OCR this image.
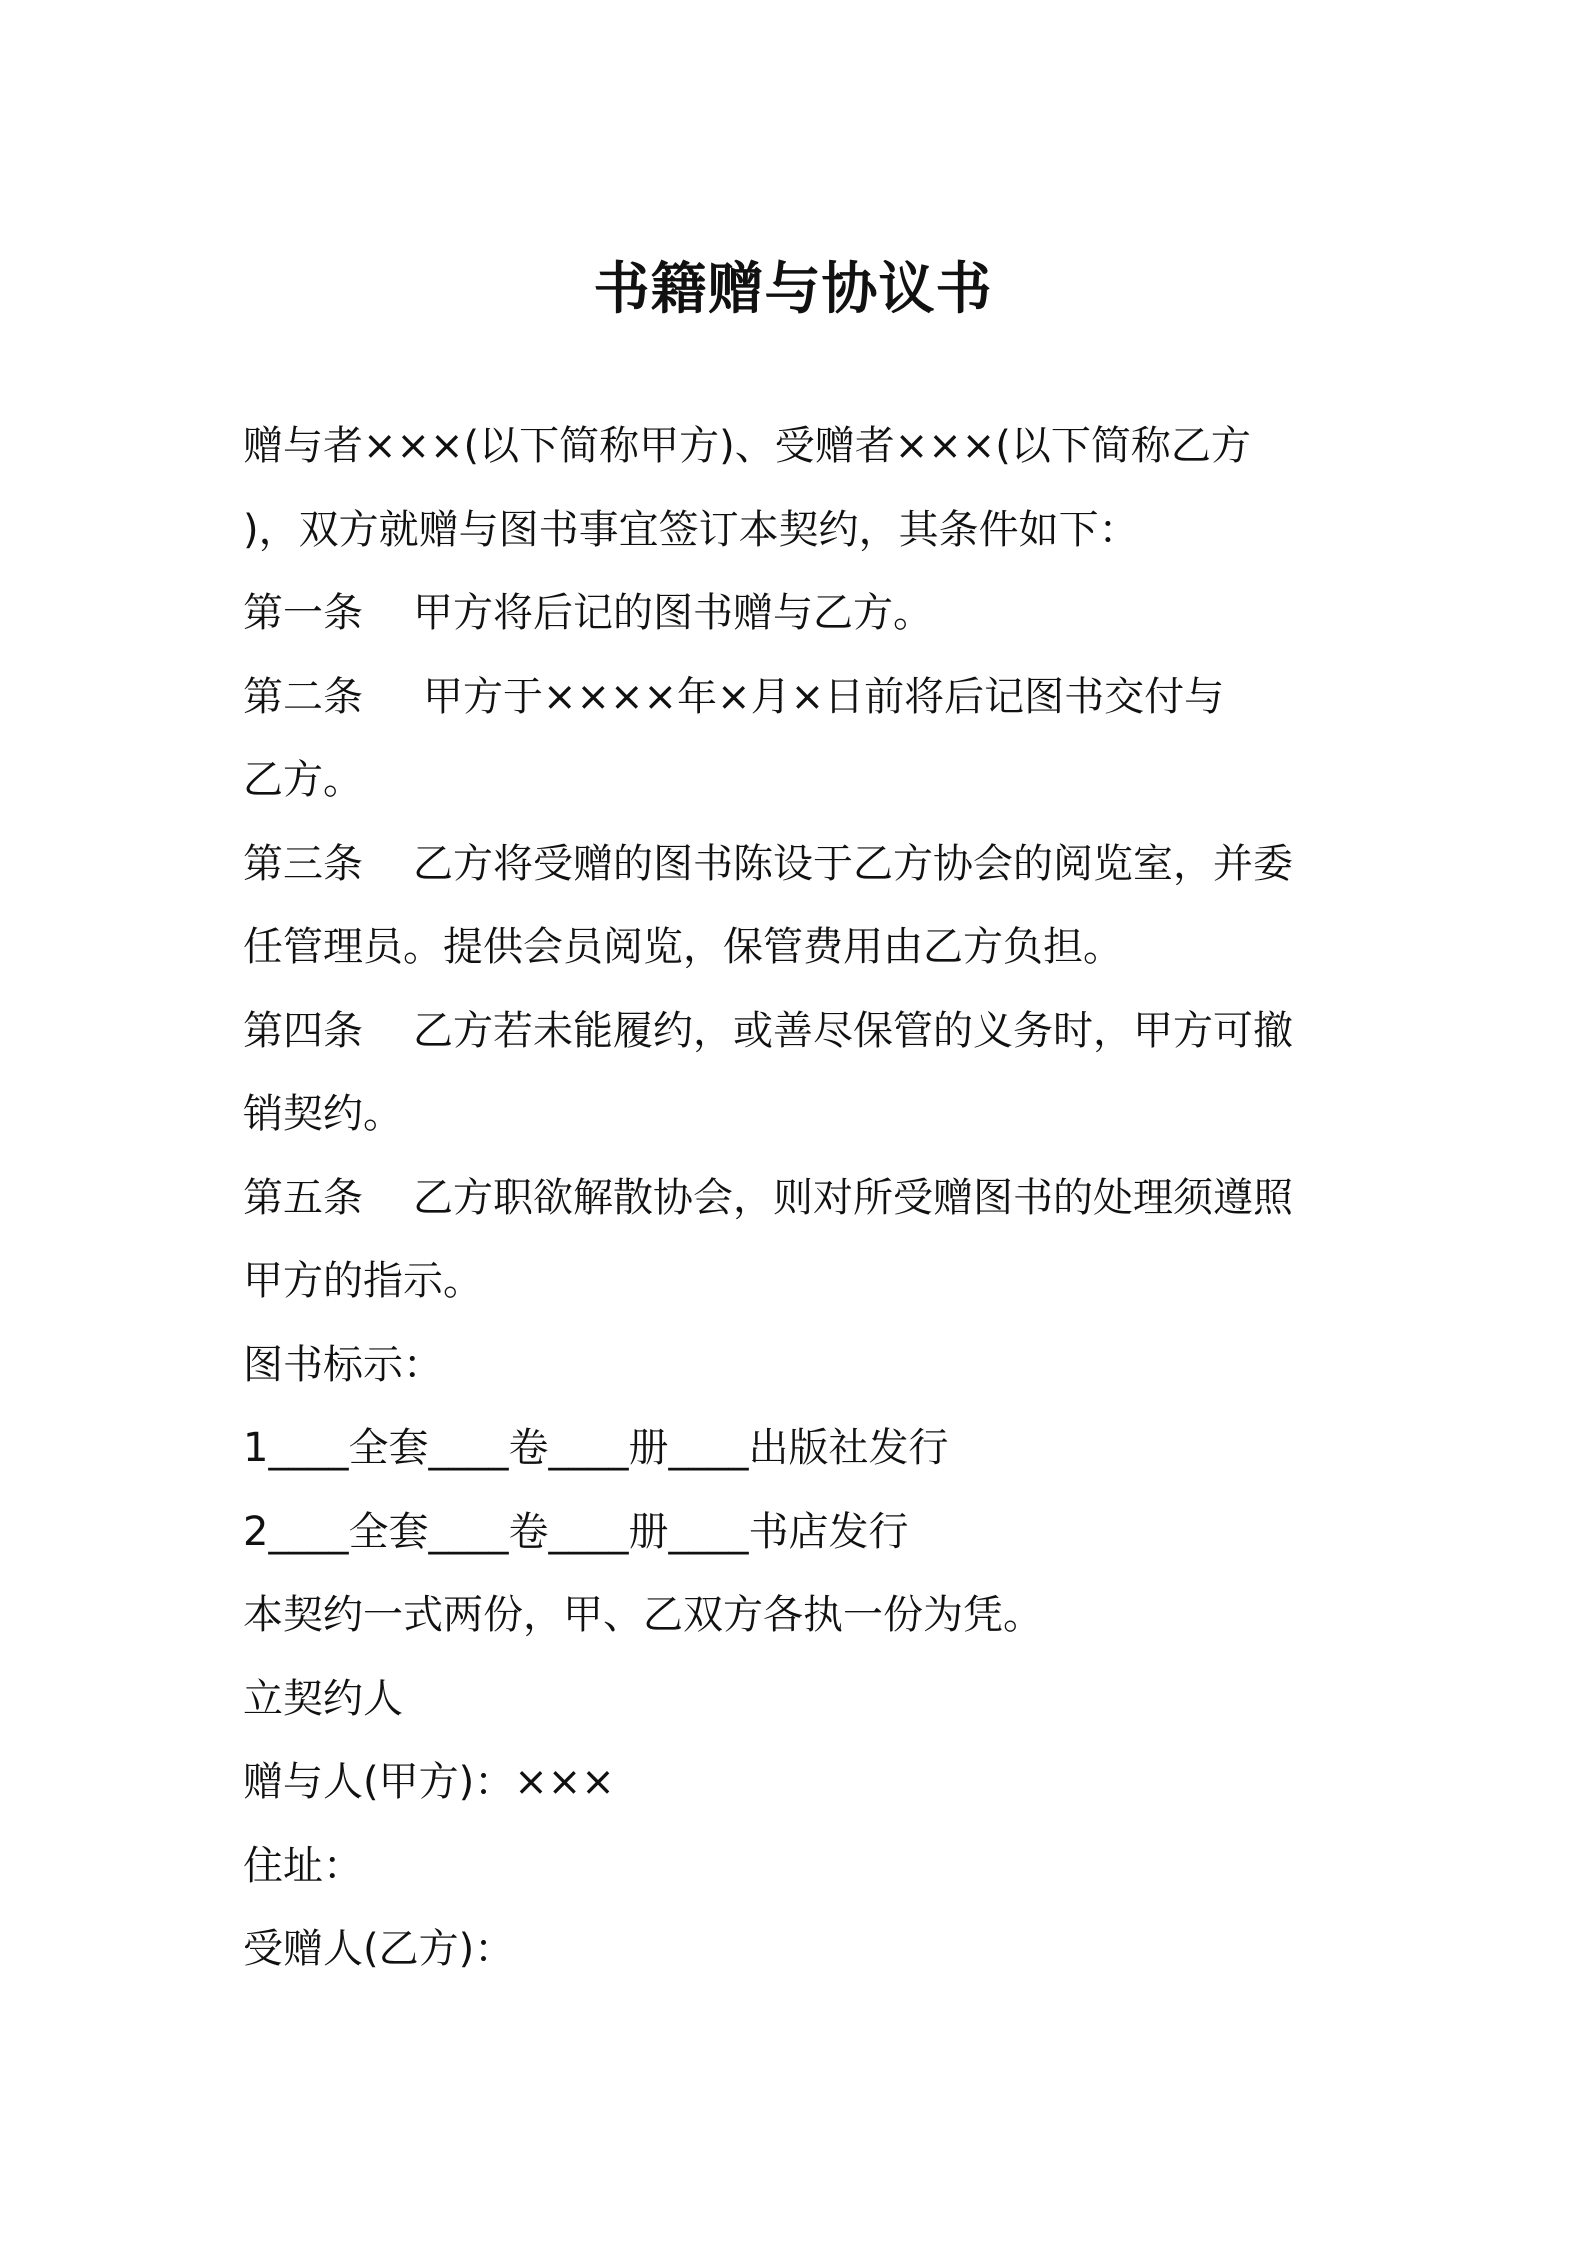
书籍赠与协议书
赠与者×××(以下简称甲方)、受赠者×××(以下简称乙方
)，双方就赠与图书事宜签订本契约，其条件如下：
第一条 甲方将后记的图书赠与乙方。
第二条 甲方于××××年×月×日前将后记图书交付与
乙方。
第三条 乙方将受赠的图书陈设于乙方协会的阅览室，并委
任管理员。提供会员阅览，保管费用由乙方负担。
第四条 乙方若未能履约，或善尽保管的义务时，甲方可撤
销契约。
第五条 乙方职欲解散协会，则对所受赠图书的处理须遵照
甲方的指示。
图书标示：
1____全套____卷____册____出版社发行
2____全套____卷____册____书店发行
本契约一式两份，甲、乙双方各执一份为凭。
立契约人
赠与人(甲方)：×××
住址：
受赠人(乙方)：
